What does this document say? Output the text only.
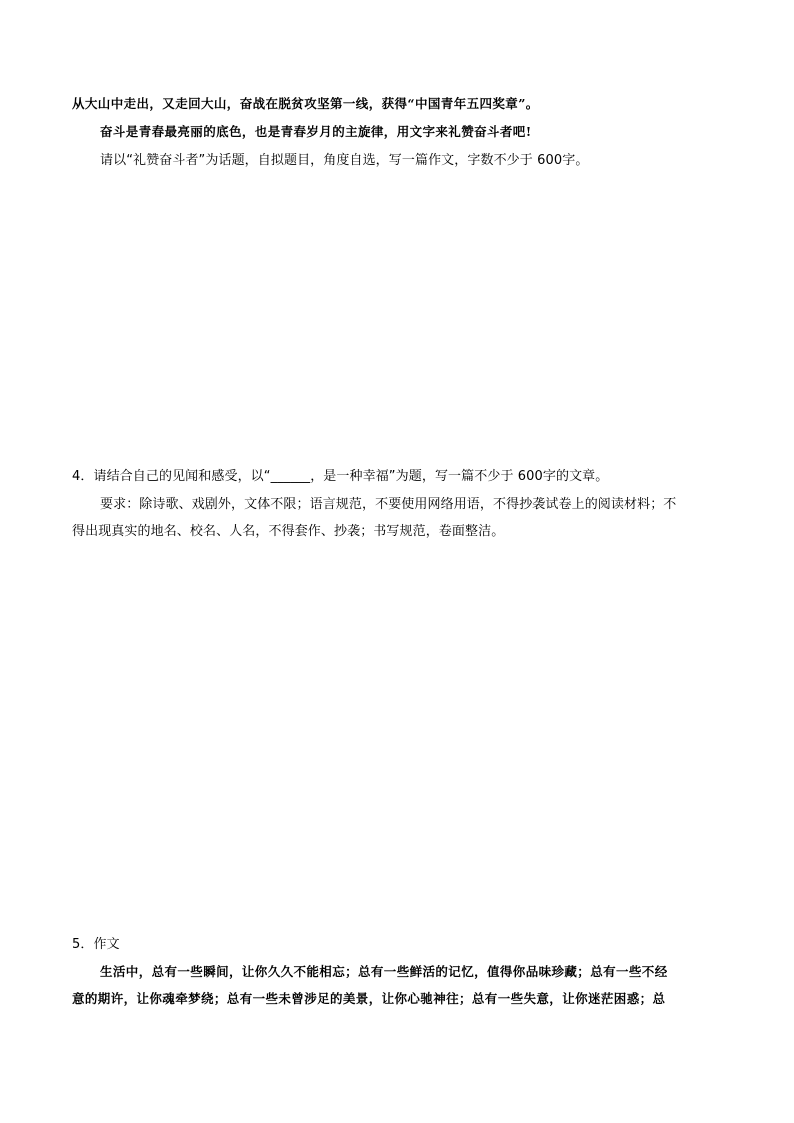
从大山中走出，又走回大山，奋战在脱贫攻坚第一线，获得“中国青年五四奖章”。
奋斗是青春最亮丽的底色，也是青春岁月的主旋律，用文字来礼赞奋斗者吧!
请以“礼赞奋斗者”为话题，自拟题目，角度自选，写一篇作文，字数不少于 600字。
4．请结合自己的见闻和感受，以“______，是一种幸福”为题，写一篇不少于 600字的文章。
要求：除诗歌、戏剧外，文体不限；语言规范，不要使用网络用语，不得抄袭试卷上的阅读材料；不
得出现真实的地名、校名、人名，不得套作、抄袭；书写规范，卷面整洁。
5．作文
生活中，总有一些瞬间，让你久久不能相忘；总有一些鲜活的记忆，值得你品味珍藏；总有一些不经
意的期许，让你魂牵梦绕；总有一些未曾涉足的美景，让你心驰神往；总有一些失意，让你迷茫困惑；总
